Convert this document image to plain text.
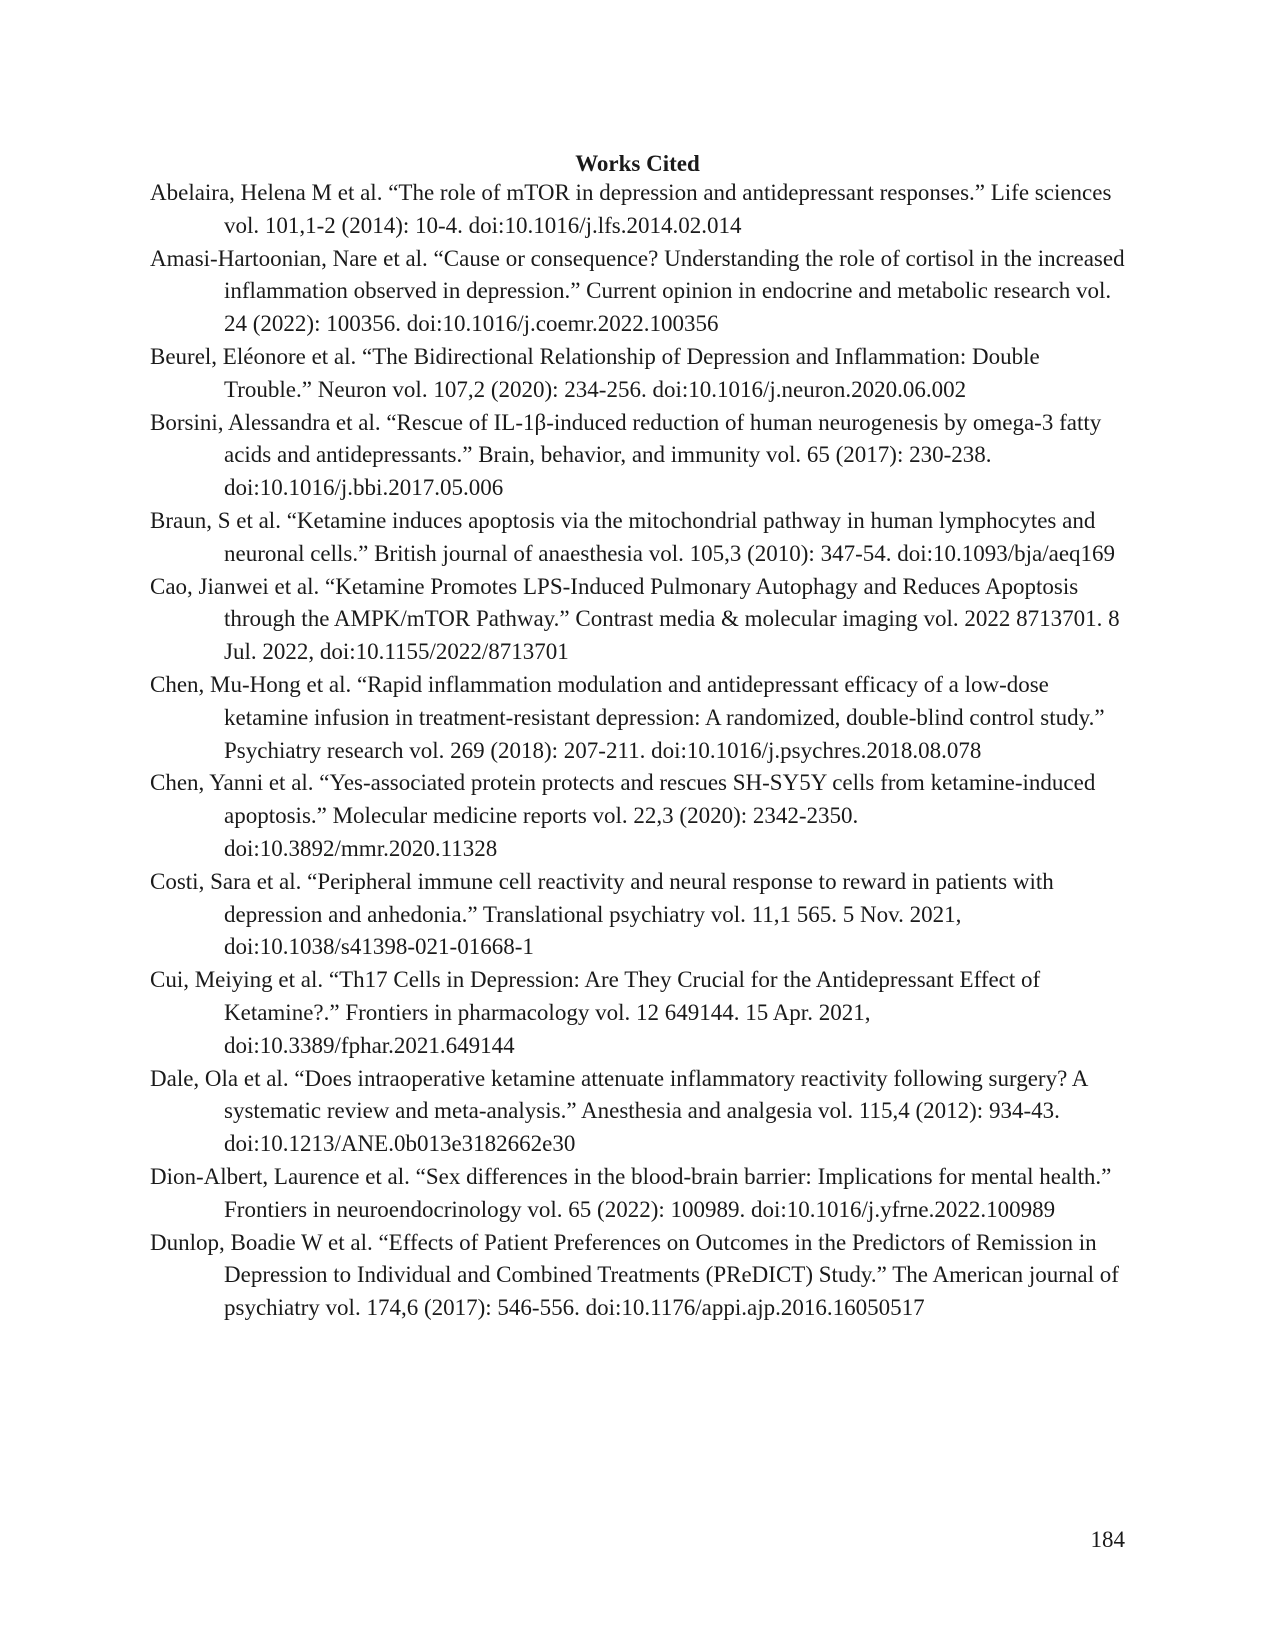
Works Cited
Abelaira, Helena M et al. “The role of mTOR in depression and antidepressant responses.” Life sciences vol. 101,1-2 (2014): 10-4. doi:10.1016/j.lfs.2014.02.014
Amasi-Hartoonian, Nare et al. “Cause or consequence? Understanding the role of cortisol in the increased inflammation observed in depression.” Current opinion in endocrine and metabolic research vol. 24 (2022): 100356. doi:10.1016/j.coemr.2022.100356
Beurel, Eléonore et al. “The Bidirectional Relationship of Depression and Inflammation: Double Trouble.” Neuron vol. 107,2 (2020): 234-256. doi:10.1016/j.neuron.2020.06.002
Borsini, Alessandra et al. “Rescue of IL-1β-induced reduction of human neurogenesis by omega-3 fatty acids and antidepressants.” Brain, behavior, and immunity vol. 65 (2017): 230-238. doi:10.1016/j.bbi.2017.05.006
Braun, S et al. “Ketamine induces apoptosis via the mitochondrial pathway in human lymphocytes and neuronal cells.” British journal of anaesthesia vol. 105,3 (2010): 347-54. doi:10.1093/bja/aeq169
Cao, Jianwei et al. “Ketamine Promotes LPS-Induced Pulmonary Autophagy and Reduces Apoptosis through the AMPK/mTOR Pathway.” Contrast media & molecular imaging vol. 2022 8713701. 8 Jul. 2022, doi:10.1155/2022/8713701
Chen, Mu-Hong et al. “Rapid inflammation modulation and antidepressant efficacy of a low-dose ketamine infusion in treatment-resistant depression: A randomized, double-blind control study.” Psychiatry research vol. 269 (2018): 207-211. doi:10.1016/j.psychres.2018.08.078
Chen, Yanni et al. “Yes‑associated protein protects and rescues SH‑SY5Y cells from ketamine‑induced apoptosis.” Molecular medicine reports vol. 22,3 (2020): 2342-2350. doi:10.3892/mmr.2020.11328
Costi, Sara et al. “Peripheral immune cell reactivity and neural response to reward in patients with depression and anhedonia.” Translational psychiatry vol. 11,1 565. 5 Nov. 2021, doi:10.1038/s41398-021-01668-1
Cui, Meiying et al. “Th17 Cells in Depression: Are They Crucial for the Antidepressant Effect of Ketamine?.” Frontiers in pharmacology vol. 12 649144. 15 Apr. 2021, doi:10.3389/fphar.2021.649144
Dale, Ola et al. “Does intraoperative ketamine attenuate inflammatory reactivity following surgery? A systematic review and meta-analysis.” Anesthesia and analgesia vol. 115,4 (2012): 934-43. doi:10.1213/ANE.0b013e3182662e30
Dion-Albert, Laurence et al. “Sex differences in the blood-brain barrier: Implications for mental health.” Frontiers in neuroendocrinology vol. 65 (2022): 100989. doi:10.1016/j.yfrne.2022.100989
Dunlop, Boadie W et al. “Effects of Patient Preferences on Outcomes in the Predictors of Remission in Depression to Individual and Combined Treatments (PReDICT) Study.” The American journal of psychiatry vol. 174,6 (2017): 546-556. doi:10.1176/appi.ajp.2016.16050517
184
